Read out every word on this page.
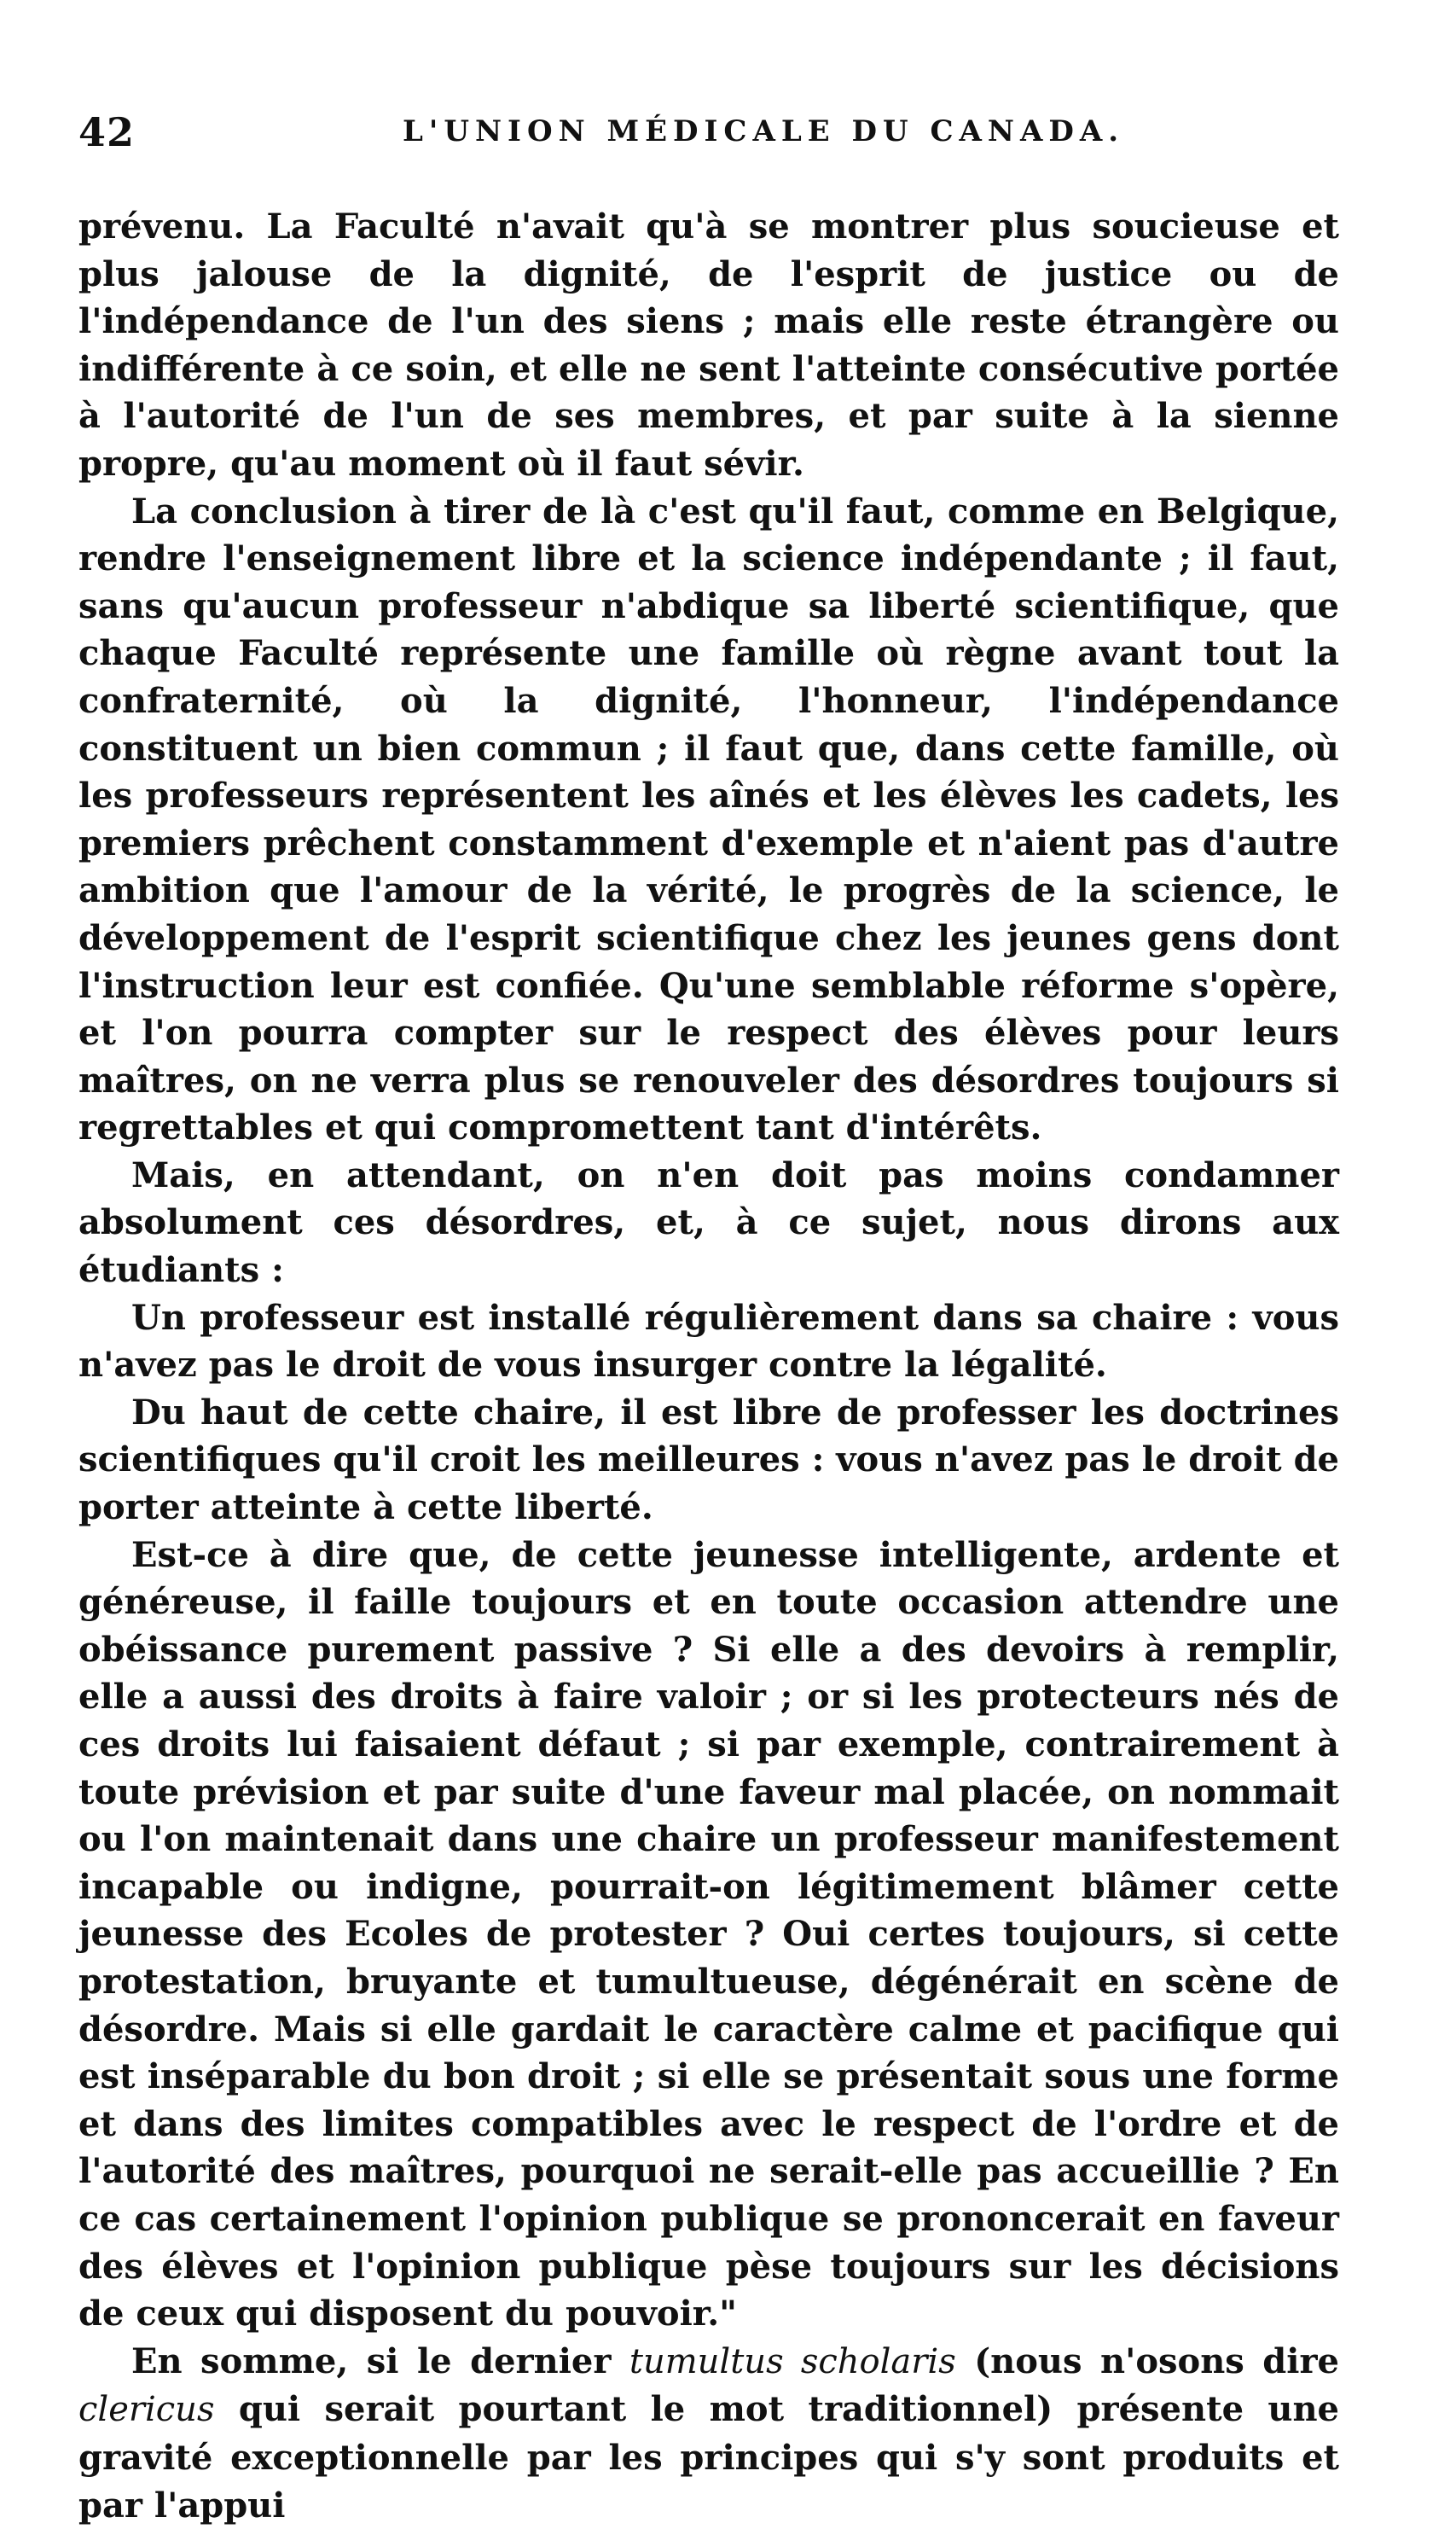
42	L'UNION MÉDICALE DU CANADA.

prévenu. La Faculté n'avait qu'à se montrer plus soucieuse et plus jalouse de la dignité, de l'esprit de justice ou de l'indépendance de l'un des siens ; mais elle reste étrangère ou indifférente à ce soin, et elle ne sent l'atteinte consécutive portée à l'autorité de l'un de ses membres, et par suite à la sienne propre, qu'au moment où il faut sévir.

La conclusion à tirer de là c'est qu'il faut, comme en Belgique, rendre l'enseignement libre et la science indépendante ; il faut, sans qu'aucun professeur n'abdique sa liberté scientifique, que chaque Faculté représente une famille où règne avant tout la confraternité, où la dignité, l'honneur, l'indépendance constituent un bien commun ; il faut que, dans cette famille, où les professeurs représentent les aînés et les élèves les cadets, les premiers prêchent constamment d'exemple et n'aient pas d'autre ambition que l'amour de la vérité, le progrès de la science, le développement de l'esprit scientifique chez les jeunes gens dont l'instruction leur est confiée. Qu'une semblable réforme s'opère, et l'on pourra compter sur le respect des élèves pour leurs maîtres, on ne verra plus se renouveler des désordres toujours si regrettables et qui compromettent tant d'intérêts.

Mais, en attendant, on n'en doit pas moins condamner absolument ces désordres, et, à ce sujet, nous dirons aux étudiants :

Un professeur est installé régulièrement dans sa chaire : vous n'avez pas le droit de vous insurger contre la légalité.

Du haut de cette chaire, il est libre de professer les doctrines scientifiques qu'il croit les meilleures : vous n'avez pas le droit de porter atteinte à cette liberté.

Est-ce à dire que, de cette jeunesse intelligente, ardente et généreuse, il faille toujours et en toute occasion attendre une obéissance purement passive ? Si elle a des devoirs à remplir, elle a aussi des droits à faire valoir ; or si les protecteurs nés de ces droits lui faisaient défaut ; si par exemple, contrairement à toute prévision et par suite d'une faveur mal placée, on nommait ou l'on maintenait dans une chaire un professeur manifestement incapable ou indigne, pourrait-on légitimement blâmer cette jeunesse des Ecoles de protester ? Oui certes toujours, si cette protestation, bruyante et tumultueuse, dégénérait en scène de désordre. Mais si elle gardait le caractère calme et pacifique qui est inséparable du bon droit ; si elle se présentait sous une forme et dans des limites compatibles avec le respect de l'ordre et de l'autorité des maîtres, pourquoi ne serait-elle pas accueillie ? En ce cas certainement l'opinion publique se prononcerait en faveur des élèves et l'opinion publique pèse toujours sur les décisions de ceux qui disposent du pouvoir."

En somme, si le dernier tumultus scholaris (nous n'osons dire clericus qui serait pourtant le mot traditionnel) présente une gravité exceptionnelle par les principes qui s'y sont produits et par l'appui
